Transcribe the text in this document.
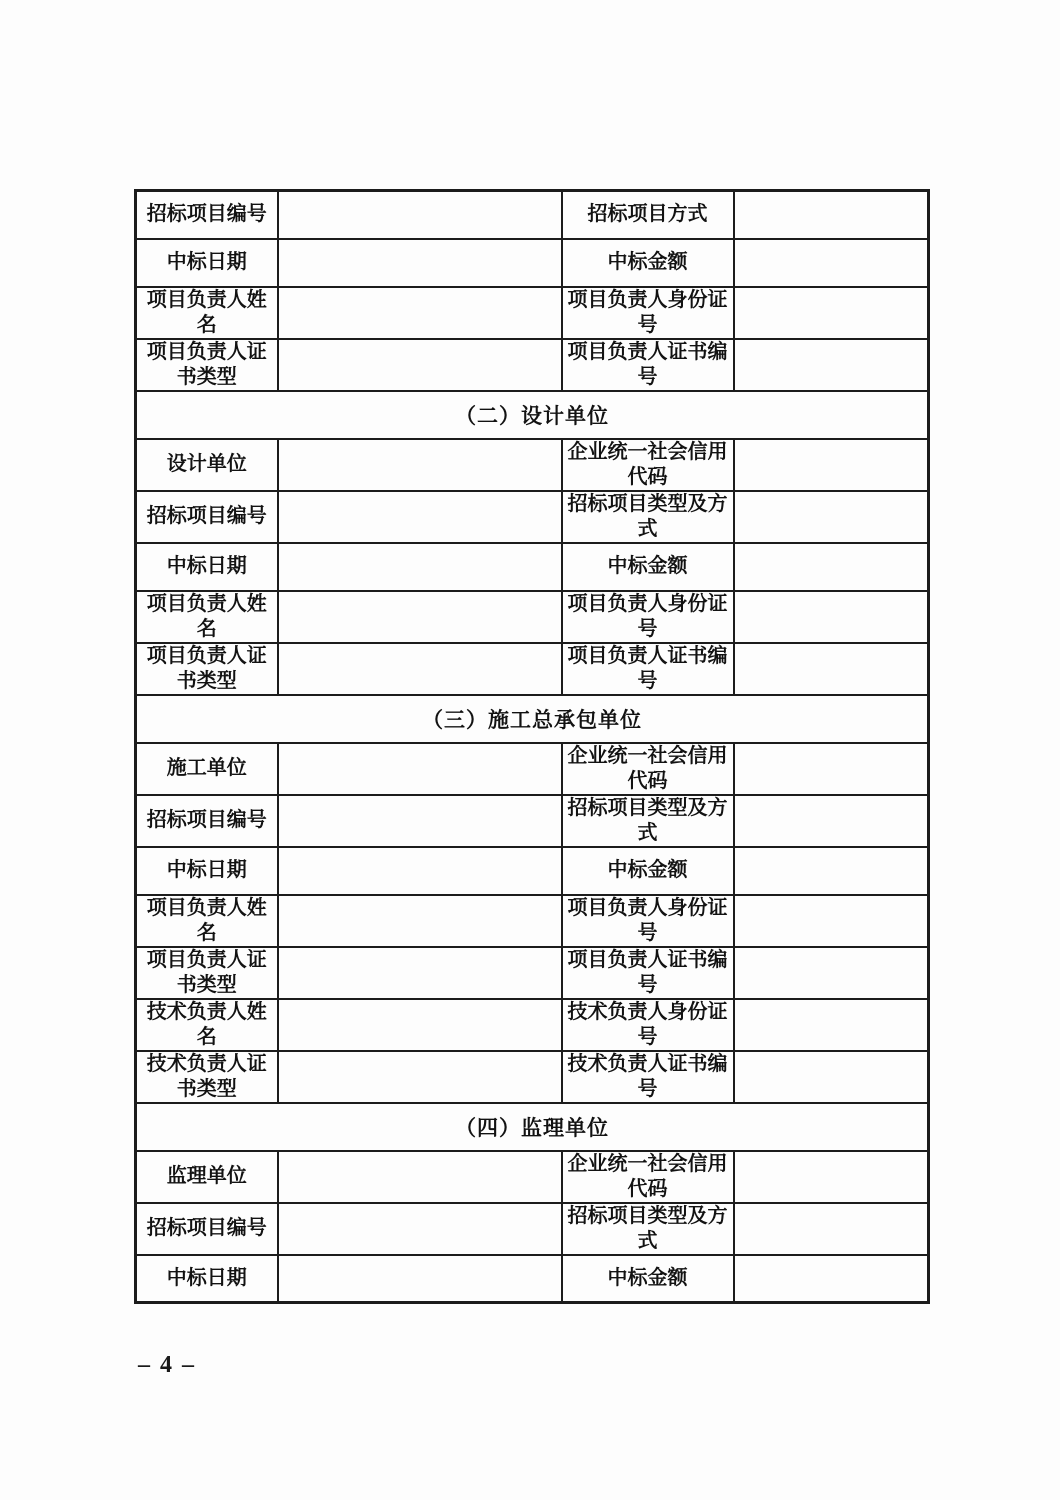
招标项目编号		招标项目方式	
中标日期		中标金额	
项目负责人姓名		项目负责人身份证号	
项目负责人证书类型		项目负责人证书编号	
（二）设计单位			
设计单位		企业统一社会信用代码	
招标项目编号		招标项目类型及方式	
中标日期		中标金额	
项目负责人姓名		项目负责人身份证号	
项目负责人证书类型		项目负责人证书编号	
（三）施工总承包单位			
施工单位		企业统一社会信用代码	
招标项目编号		招标项目类型及方式	
中标日期		中标金额	
项目负责人姓名		项目负责人身份证号	
项目负责人证书类型		项目负责人证书编号	
技术负责人姓名		技术负责人身份证号	
技术负责人证书类型		技术负责人证书编号	
（四）监理单位			
监理单位		企业统一社会信用代码	
招标项目编号		招标项目类型及方式	
中标日期		中标金额	
– 4 –
